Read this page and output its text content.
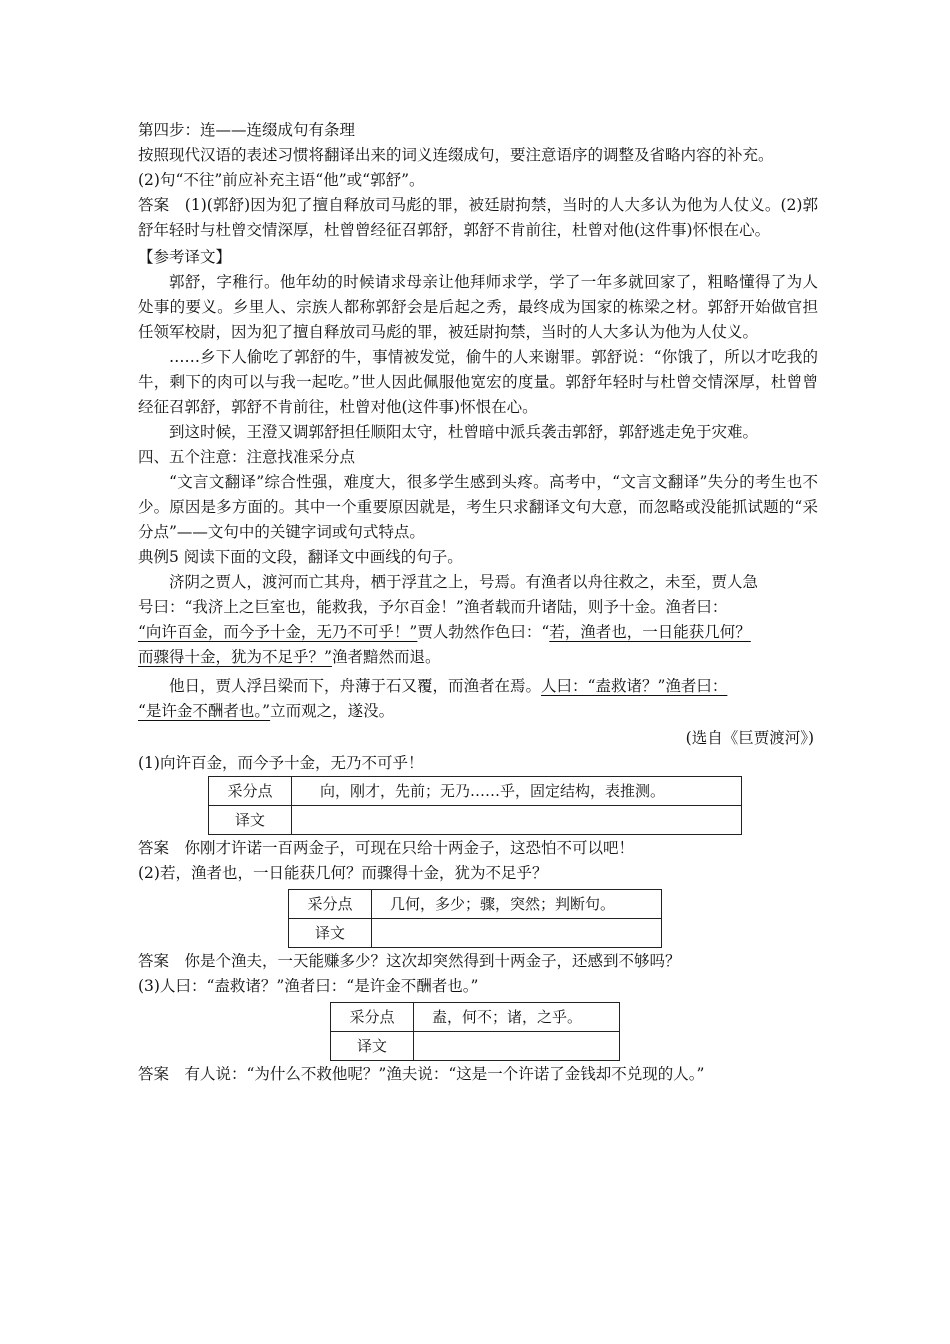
第四步：连——连缀成句有条理
按照现代汉语的表述习惯将翻译出来的词义连缀成句，要注意语序的调整及省略内容的补充。
(2)句“不往”前应补充主语“他”或“郭舒”。
答案　(1)(郭舒)因为犯了擅自释放司马彪的罪，被廷尉拘禁，当时的人大多认为他为人仗义。(2)郭舒年轻时与杜曾交情深厚，杜曾曾经征召郭舒，郭舒不肯前往，杜曾对他(这件事)怀恨在心。
【参考译文】
郭舒，字稚行。他年幼的时候请求母亲让他拜师求学，学了一年多就回家了，粗略懂得了为人处事的要义。乡里人、宗族人都称郭舒会是后起之秀，最终成为国家的栋梁之材。郭舒开始做官担任领军校尉，因为犯了擅自释放司马彪的罪，被廷尉拘禁，当时的人大多认为他为人仗义。
……乡下人偷吃了郭舒的牛，事情被发觉，偷牛的人来谢罪。郭舒说：“你饿了，所以才吃我的牛，剩下的肉可以与我一起吃。”世人因此佩服他宽宏的度量。郭舒年轻时与杜曾交情深厚，杜曾曾经征召郭舒，郭舒不肯前往，杜曾对他(这件事)怀恨在心。
到这时候，王澄又调郭舒担任顺阳太守，杜曾暗中派兵袭击郭舒，郭舒逃走免于灾难。
四、五个注意：注意找准采分点
“文言文翻译”综合性强，难度大，很多学生感到头疼。高考中，“文言文翻译”失分的考生也不少。原因是多方面的。其中一个重要原因就是，考生只求翻译文句大意，而忽略或没能抓试题的“采分点”——文句中的关键字词或句式特点。
典例5 阅读下面的文段，翻译文中画线的句子。
济阴之贾人，渡河而亡其舟，栖于浮苴之上，号焉。有渔者以舟往救之，未至，贾人急
号曰：“我济上之巨室也，能救我，予尔百金！”渔者载而升诸陆，则予十金。渔者曰：
“向许百金，而今予十金，无乃不可乎！”贾人勃然作色曰：“若，渔者也，一日能获几何？
而骤得十金，犹为不足乎？”渔者黯然而退。
他日，贾人浮吕梁而下，舟薄于石又覆，而渔者在焉。人曰：“盍救诸？”渔者曰：
“是许金不酬者也。”立而观之，遂没。
(选自《巨贾渡河》)
(1)向许百金，而今予十金，无乃不可乎！
采分点	向，刚才，先前；无乃……乎，固定结构，表推测。
译文	
答案　你刚才许诺一百两金子，可现在只给十两金子，这恐怕不可以吧！
(2)若，渔者也，一日能获几何？而骤得十金，犹为不足乎？
采分点	几何，多少；骤，突然；判断句。
译文	
答案　你是个渔夫，一天能赚多少？这次却突然得到十两金子，还感到不够吗？
(3)人曰：“盍救诸？”渔者曰：“是许金不酬者也。”
采分点	盍，何不；诸，之乎。
译文	
答案　有人说：“为什么不救他呢？”渔夫说：“这是一个许诺了金钱却不兑现的人。”
